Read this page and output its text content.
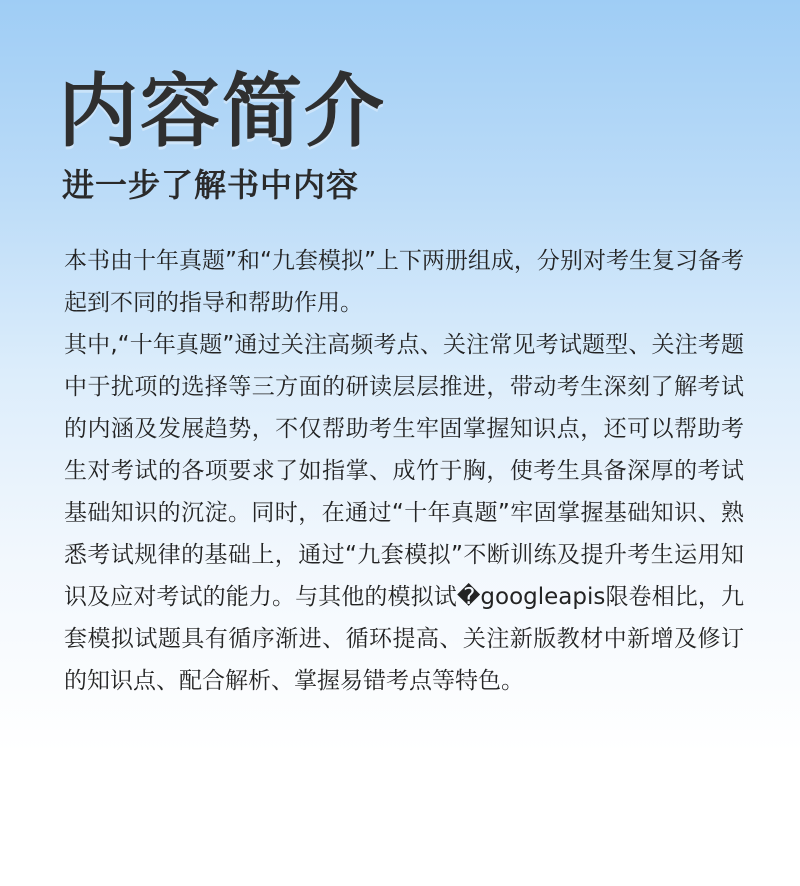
内容简介
进一步了解书中内容

本书由十年真题”和“九套模拟”上下两册组成，分别对考生复习备考起到不同的指导和帮助作用。

其中,“十年真题”通过关注高频考点、关注常见考试题型、关注考题中于扰项的选择等三方面的研读层层推进，带动考生深刻了解考试的内涵及发展趋势，不仅帮助考生牢固掌握知识点，还可以帮助考生对考试的各项要求了如指掌、成竹于胸，使考生具备深厚的考试基础知识的沉淀。同时，在通过“十年真题”牢固掌握基础知识、熟悉考试规律的基础上，通过“九套模拟”不断训练及提升考生运用知识及应对考试的能力。与其他的模拟试�googleapis限卷相比，九套模拟试题具有循序渐进、循环提高、关注新版教材中新增及修订的知识点、配合解析、掌握易错考点等特色。
